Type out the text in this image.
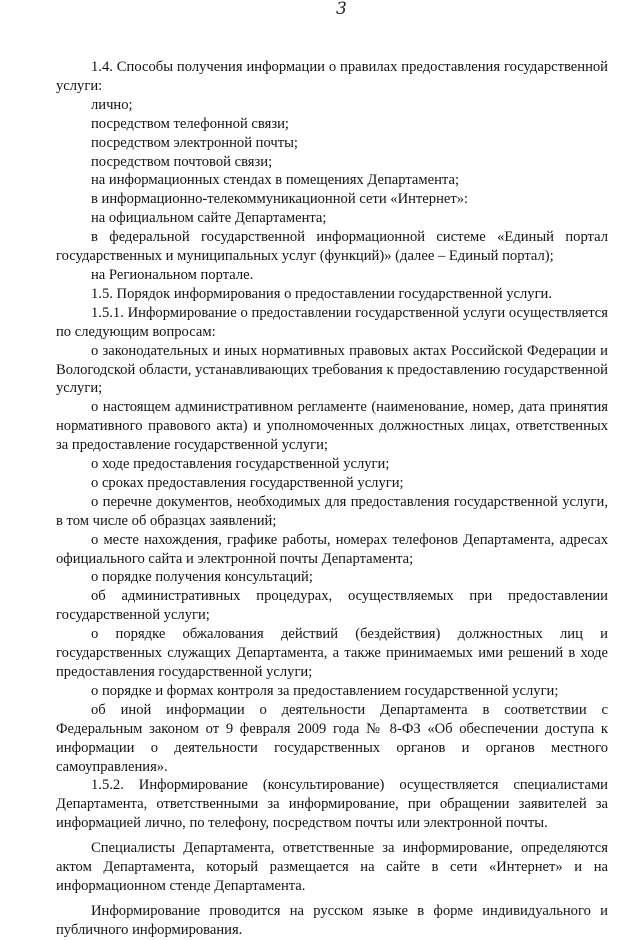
3

1.4. Способы получения информации о правилах предоставления государственной услуги:

лично;

посредством телефонной связи;

посредством электронной почты;

посредством почтовой связи;

на информационных стендах в помещениях Департамента;

в информационно-телекоммуникационной сети «Интернет»:

на официальном сайте Департамента;

в федеральной государственной информационной системе «Единый портал государственных и муниципальных услуг (функций)» (далее – Единый портал);

на Региональном портале.

1.5. Порядок информирования о предоставлении государственной услуги.

1.5.1. Информирование о предоставлении государственной услуги осуществляется по следующим вопросам:

о законодательных и иных нормативных правовых актах Российской Федерации и Вологодской области, устанавливающих требования к предоставлению государственной услуги;

о настоящем административном регламенте (наименование, номер, дата принятия нормативного правового акта) и уполномоченных должностных лицах, ответственных за предоставление государственной услуги;

о ходе предоставления государственной услуги;

о сроках предоставления государственной услуги;

о перечне документов, необходимых для предоставления государственной услуги, в том числе об образцах заявлений;

о месте нахождения, графике работы, номерах телефонов Департамента, адресах официального сайта и электронной почты Департамента;

о порядке получения консультаций;

об административных процедурах, осуществляемых при предоставлении государственной услуги;

о порядке обжалования действий (бездействия) должностных лиц и государственных служащих Департамента, а также принимаемых ими решений в ходе предоставления государственной услуги;

о порядке и формах контроля за предоставлением государственной услуги;

об иной информации о деятельности Департамента в соответствии с Федеральным законом от 9 февраля 2009 года № 8-ФЗ «Об обеспечении доступа к информации о деятельности государственных органов и органов местного самоуправления».

1.5.2. Информирование (консультирование) осуществляется специалистами Департамента, ответственными за информирование, при обращении заявителей за информацией лично, по телефону, посредством почты или электронной почты.

Специалисты Департамента, ответственные за информирование, определяются актом Департамента, который размещается на сайте в сети «Интернет» и на информационном стенде Департамента.

Информирование проводится на русском языке в форме индивидуального и публичного информирования.
